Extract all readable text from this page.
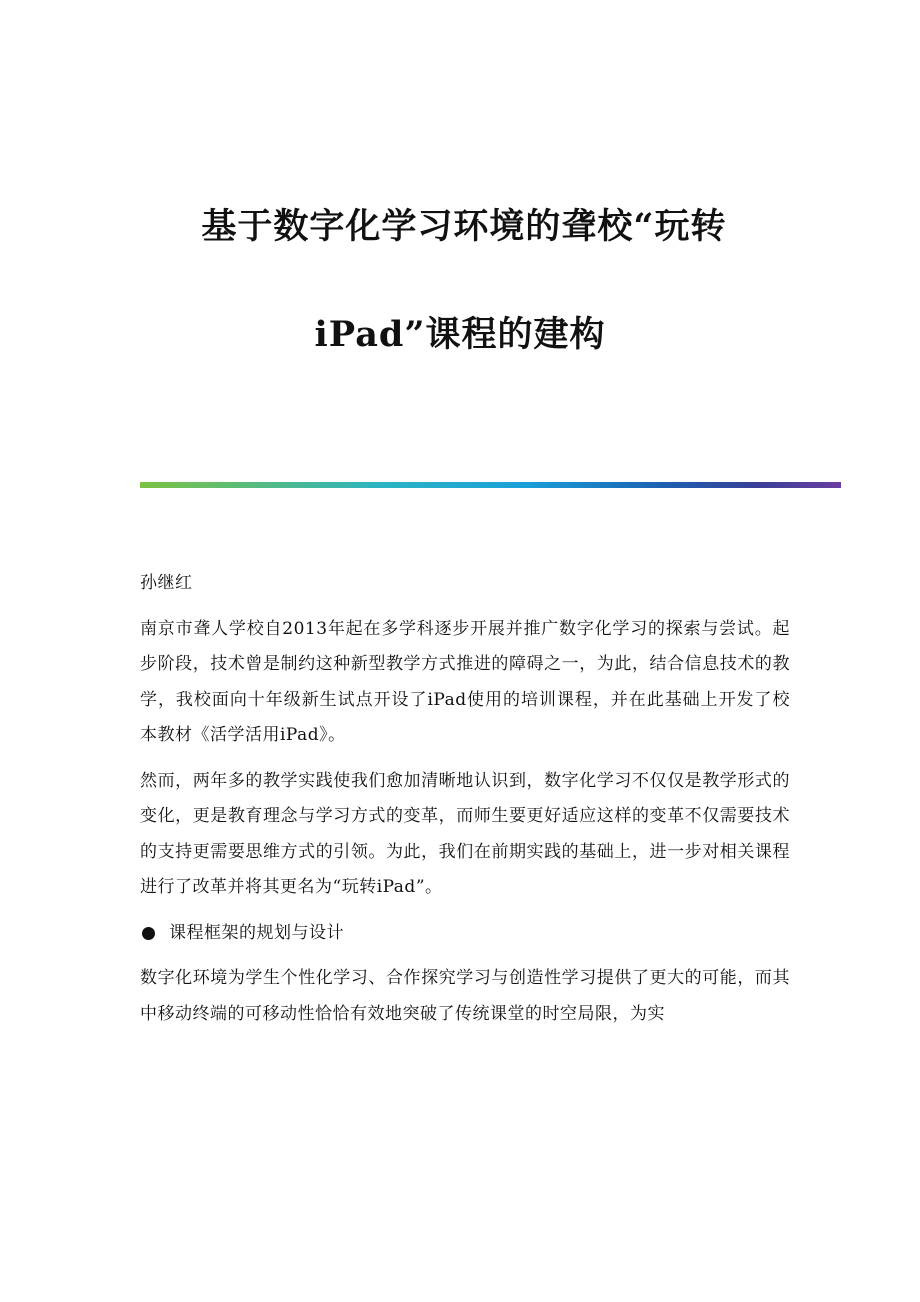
基于数字化学习环境的聋校“玩转

iPad”课程的建构

孙继红

南京市聋人学校自2013年起在多学科逐步开展并推广数字化学习的探索与尝试。起步阶段，技术曾是制约这种新型教学方式推进的障碍之一，为此，结合信息技术的教学，我校面向十年级新生试点开设了iPad使用的培训课程，并在此基础上开发了校本教材《活学活用iPad》。

然而，两年多的教学实践使我们愈加清晰地认识到，数字化学习不仅仅是教学形式的变化，更是教育理念与学习方式的变革，而师生要更好适应这样的变革不仅需要技术的支持更需要思维方式的引领。为此，我们在前期实践的基础上，进一步对相关课程进行了改革并将其更名为“玩转iPad”。

课程框架的规划与设计

数字化环境为学生个性化学习、合作探究学习与创造性学习提供了更大的可能，而其中移动终端的可移动性恰恰有效地突破了传统课堂的时空局限，为实
